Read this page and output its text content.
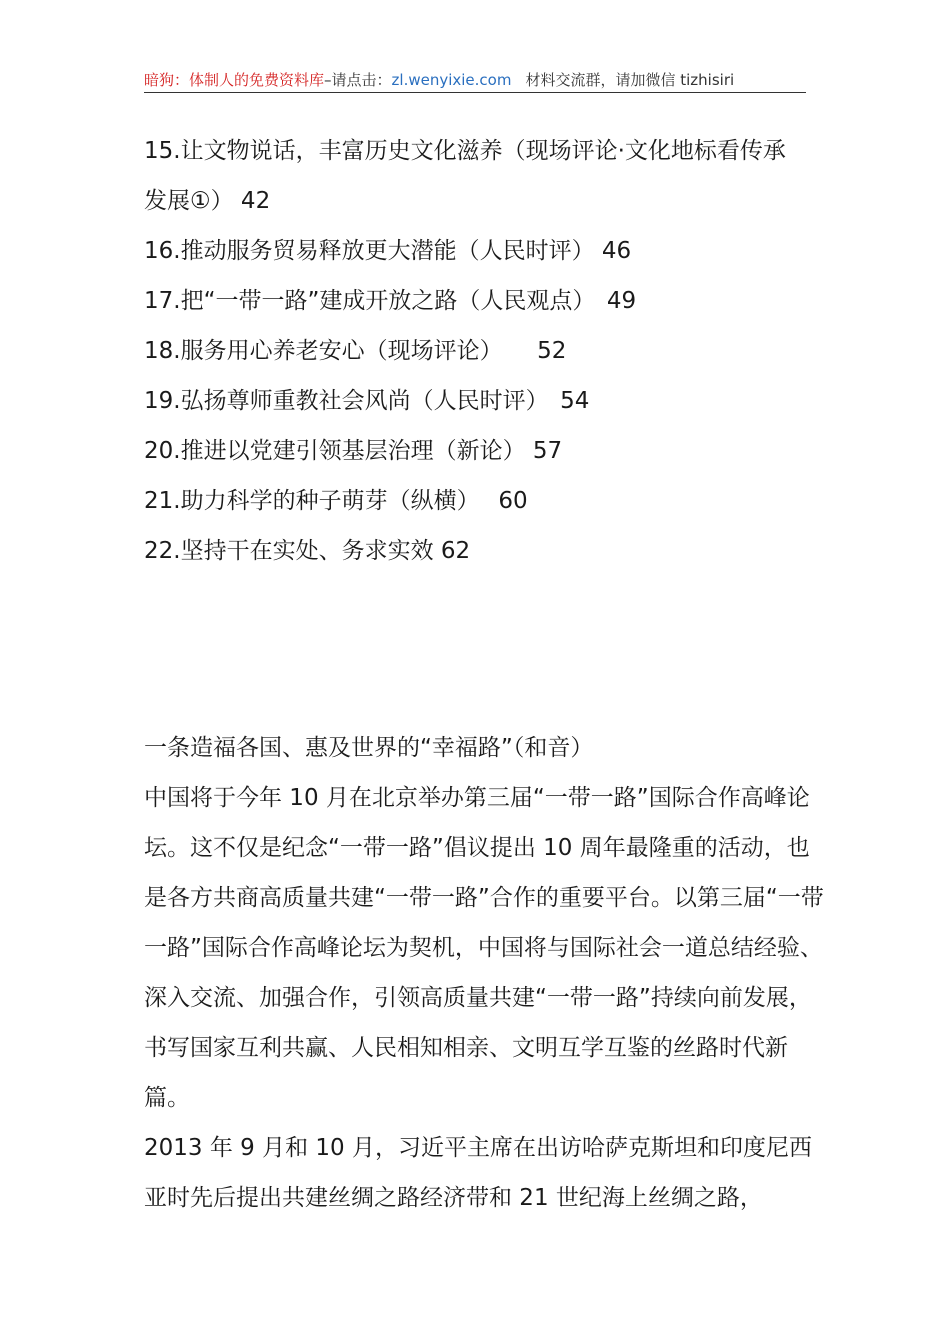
暗狗：体制人的免费资料库–请点击：zl.wenyixie.com 材料交流群，请加微信 tizhisiri
15.让文物说话，丰富历史文化滋养（现场评论·文化地标看传承
发展①） 42
16.推动服务贸易释放更大潜能（人民时评） 46
17.把“一带一路”建成开放之路（人民观点）　49
18.服务用心养老安心（现场评论）　　52
19.弘扬尊师重教社会风尚（人民时评）　54
20.推进以党建引领基层治理（新论） 57
21.助力科学的种子萌芽（纵横）　 60
22.坚持干在实处、务求实效 62
一条造福各国、惠及世界的“幸福路”（和音）

中国将于今年 10 月在北京举办第三届“一带一路”国际合作高峰论坛。这不仅是纪念“一带一路”倡议提出 10 周年最隆重的活动，也是各方共商高质量共建“一带一路”合作的重要平台。以第三届“一带一路”国际合作高峰论坛为契机，中国将与国际社会一道总结经验、深入交流、加强合作，引领高质量共建“一带一路”持续向前发展，书写国家互利共赢、人民相知相亲、文明互学互鉴的丝路时代新篇。

2013 年 9 月和 10 月，习近平主席在出访哈萨克斯坦和印度尼西亚时先后提出共建丝绸之路经济带和 21 世纪海上丝绸之路，
